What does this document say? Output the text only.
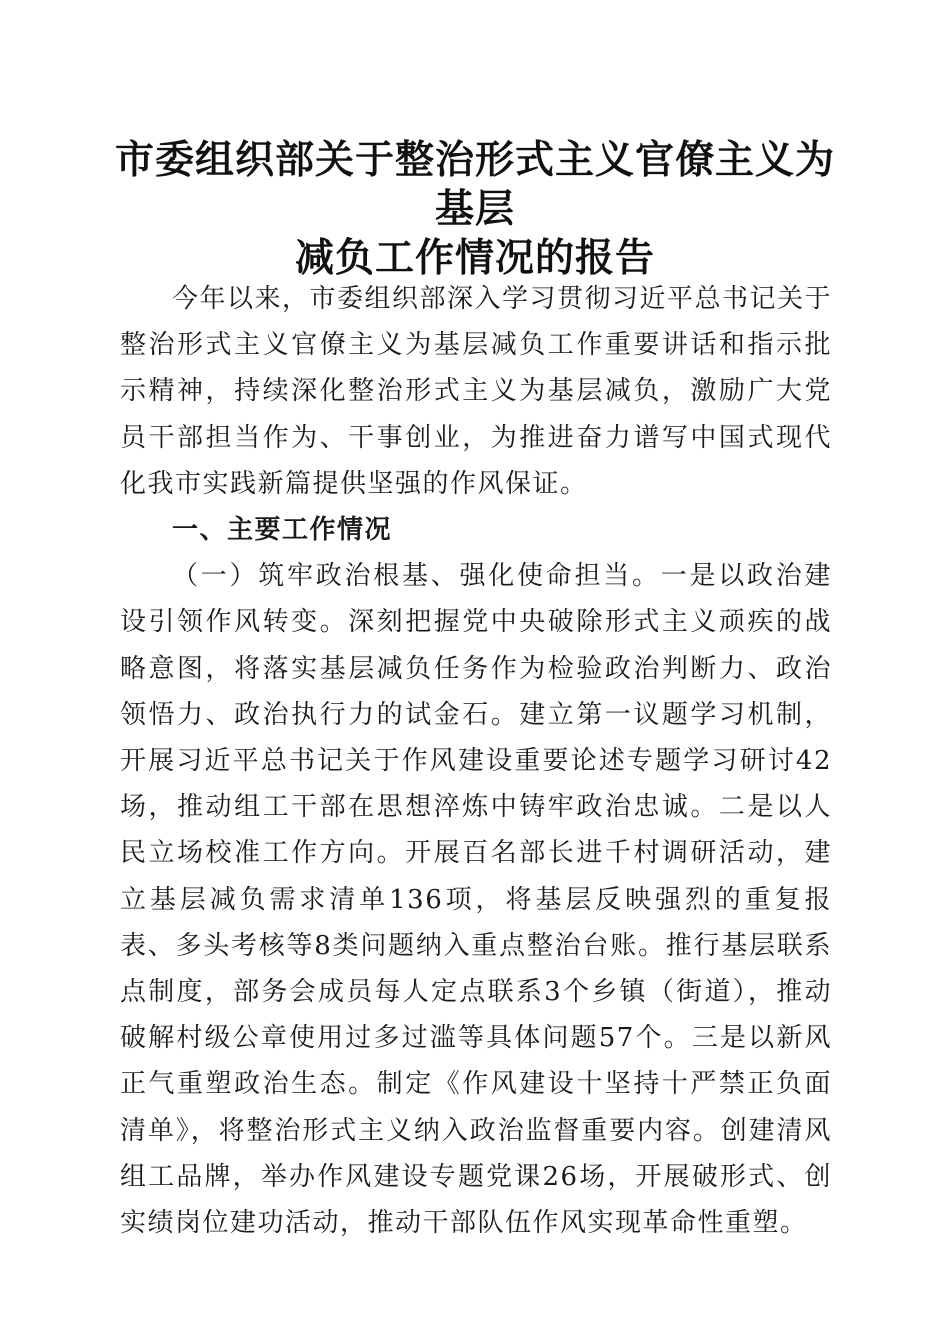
市委组织部关于整治形式主义官僚主义为基层
减负工作情况的报告

今年以来，市委组织部深入学习贯彻习近平总书记关于整治形式主义官僚主义为基层减负工作重要讲话和指示批示精神，持续深化整治形式主义为基层减负，激励广大党员干部担当作为、干事创业，为推进奋力谱写中国式现代化我市实践新篇提供坚强的作风保证。

一、主要工作情况

（一）筑牢政治根基、强化使命担当。一是以政治建设引领作风转变。深刻把握党中央破除形式主义顽疾的战略意图，将落实基层减负任务作为检验政治判断力、政治领悟力、政治执行力的试金石。建立第一议题学习机制，开展习近平总书记关于作风建设重要论述专题学习研讨42场，推动组工干部在思想淬炼中铸牢政治忠诚。二是以人民立场校准工作方向。开展百名部长进千村调研活动，建立基层减负需求清单136项，将基层反映强烈的重复报表、多头考核等8类问题纳入重点整治台账。推行基层联系点制度，部务会成员每人定点联系3个乡镇（街道），推动破解村级公章使用过多过滥等具体问题57个。三是以新风正气重塑政治生态。制定《作风建设十坚持十严禁正负面清单》，将整治形式主义纳入政治监督重要内容。创建清风组工品牌，举办作风建设专题党课26场，开展破形式、创实绩岗位建功活动，推动干部队伍作风实现革命性重塑。
